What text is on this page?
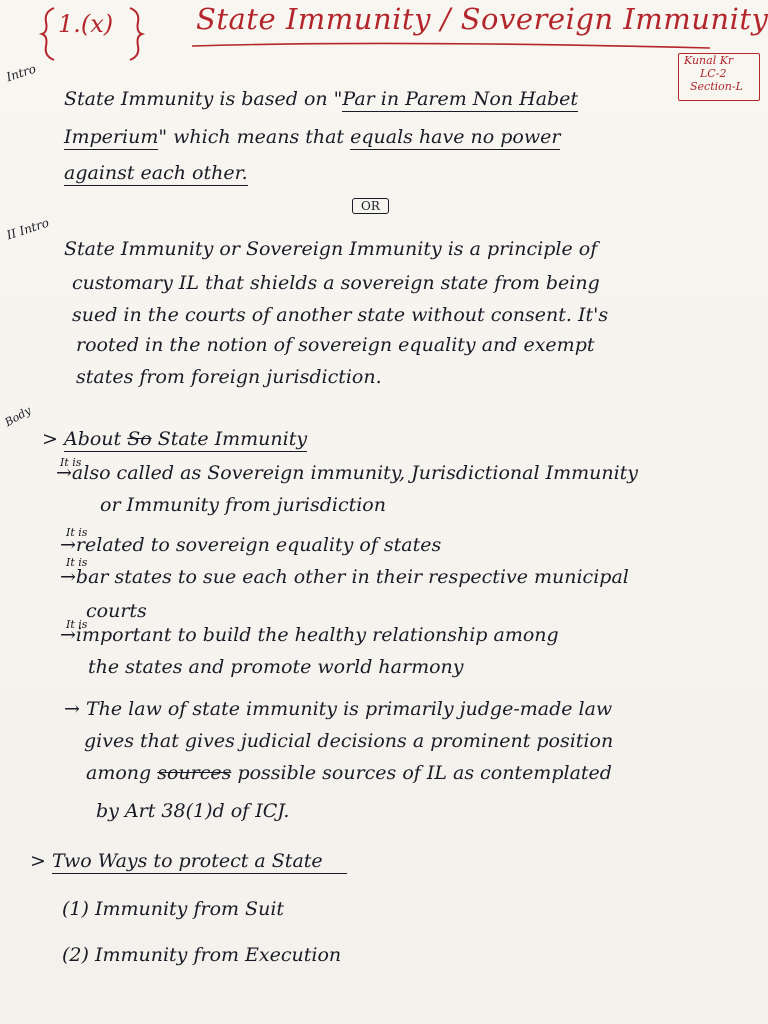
1.(x)	State Immunity / Sovereign Immunity
Kunal Kr
LC-2
Section-L
Intro
II Intro
Body
State Immunity is based on "Par in Parem Non Habet
Imperium" which means that equals have no power
against each other.
OR
State Immunity or Sovereign Immunity is a principle of
customary IL that shields a sovereign state from being
sued in the courts of another state without consent. It's
rooted in the notion of sovereign equality and exempt
states from foreign jurisdiction.
> About So State Immunity
It is
→also called as Sovereign immunity, Jurisdictional Immunity
or Immunity from jurisdiction
It is
→related to sovereign equality of states
It is
→bar states to sue each other in their respective municipal
courts
It is
→important to build the healthy relationship among
the states and promote world harmony
→ The law of state immunity is primarily judge-made law
gives that gives judicial decisions a prominent position
among sources possible sources of IL as contemplated
by Art 38(1)d of ICJ.
> Two Ways to protect a State
(1) Immunity from Suit
(2) Immunity from Execution
